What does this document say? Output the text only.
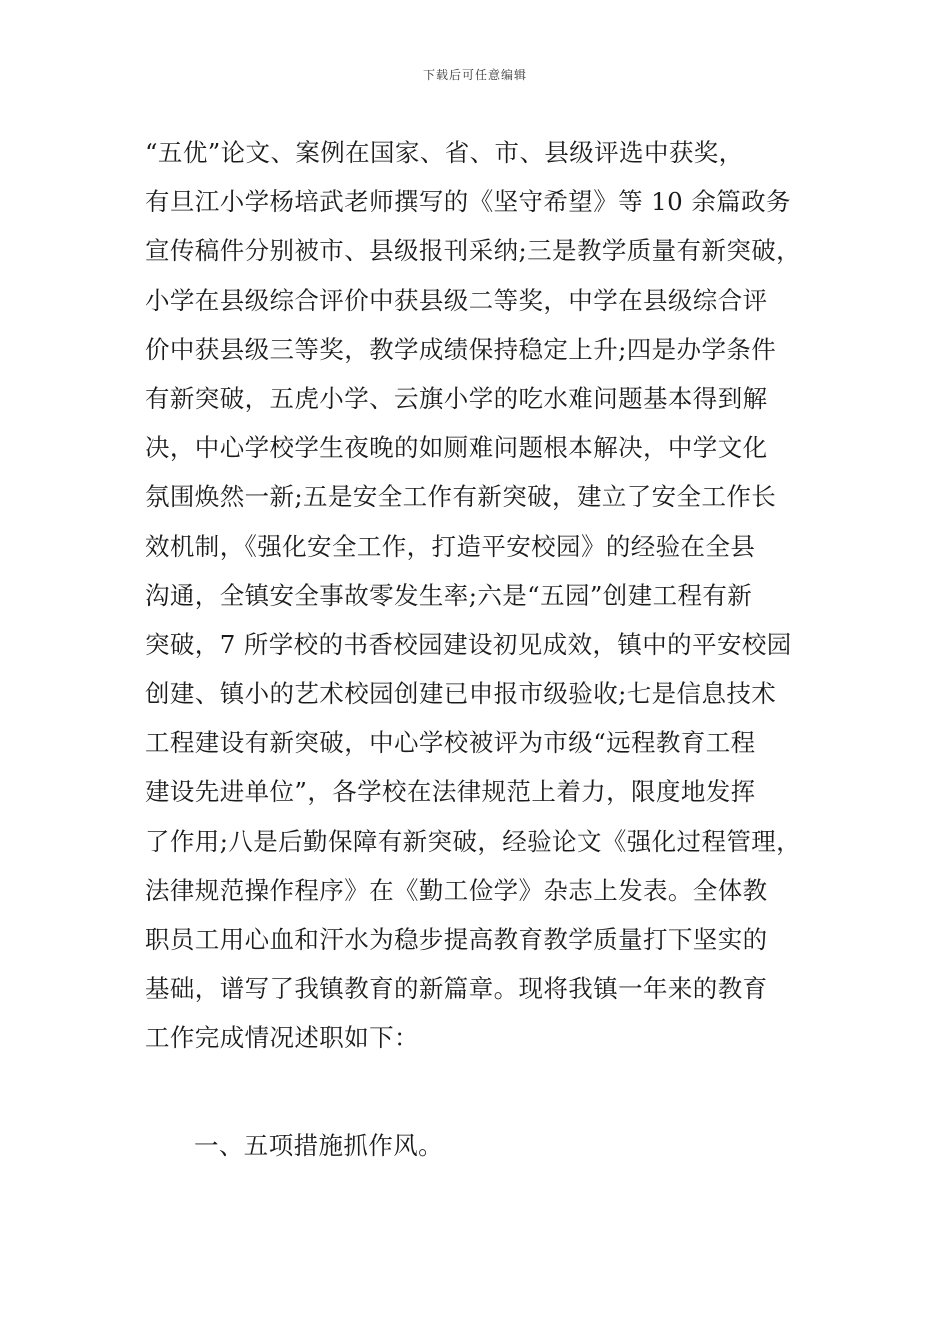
下载后可任意编辑
“五优”论文、案例在国家、省、市、县级评选中获奖，
有旦江小学杨培武老师撰写的《坚守希望》等 10 余篇政务
宣传稿件分别被市、县级报刊采纳;三是教学质量有新突破，
小学在县级综合评价中获县级二等奖，中学在县级综合评
价中获县级三等奖，教学成绩保持稳定上升;四是办学条件
有新突破，五虎小学、云旗小学的吃水难问题基本得到解
决，中心学校学生夜晚的如厕难问题根本解决，中学文化
氛围焕然一新;五是安全工作有新突破，建立了安全工作长
效机制，《强化安全工作，打造平安校园》的经验在全县
沟通，全镇安全事故零发生率;六是“五园”创建工程有新
突破，7 所学校的书香校园建设初见成效，镇中的平安校园
创建、镇小的艺术校园创建已申报市级验收;七是信息技术
工程建设有新突破，中心学校被评为市级“远程教育工程
建设先进单位”，各学校在法律规范上着力，限度地发挥
了作用;八是后勤保障有新突破，经验论文《强化过程管理，
法律规范操作程序》在《勤工俭学》杂志上发表。全体教
职员工用心血和汗水为稳步提高教育教学质量打下坚实的
基础，谱写了我镇教育的新篇章。现将我镇一年来的教育
工作完成情况述职如下：
一、五项措施抓作风。
